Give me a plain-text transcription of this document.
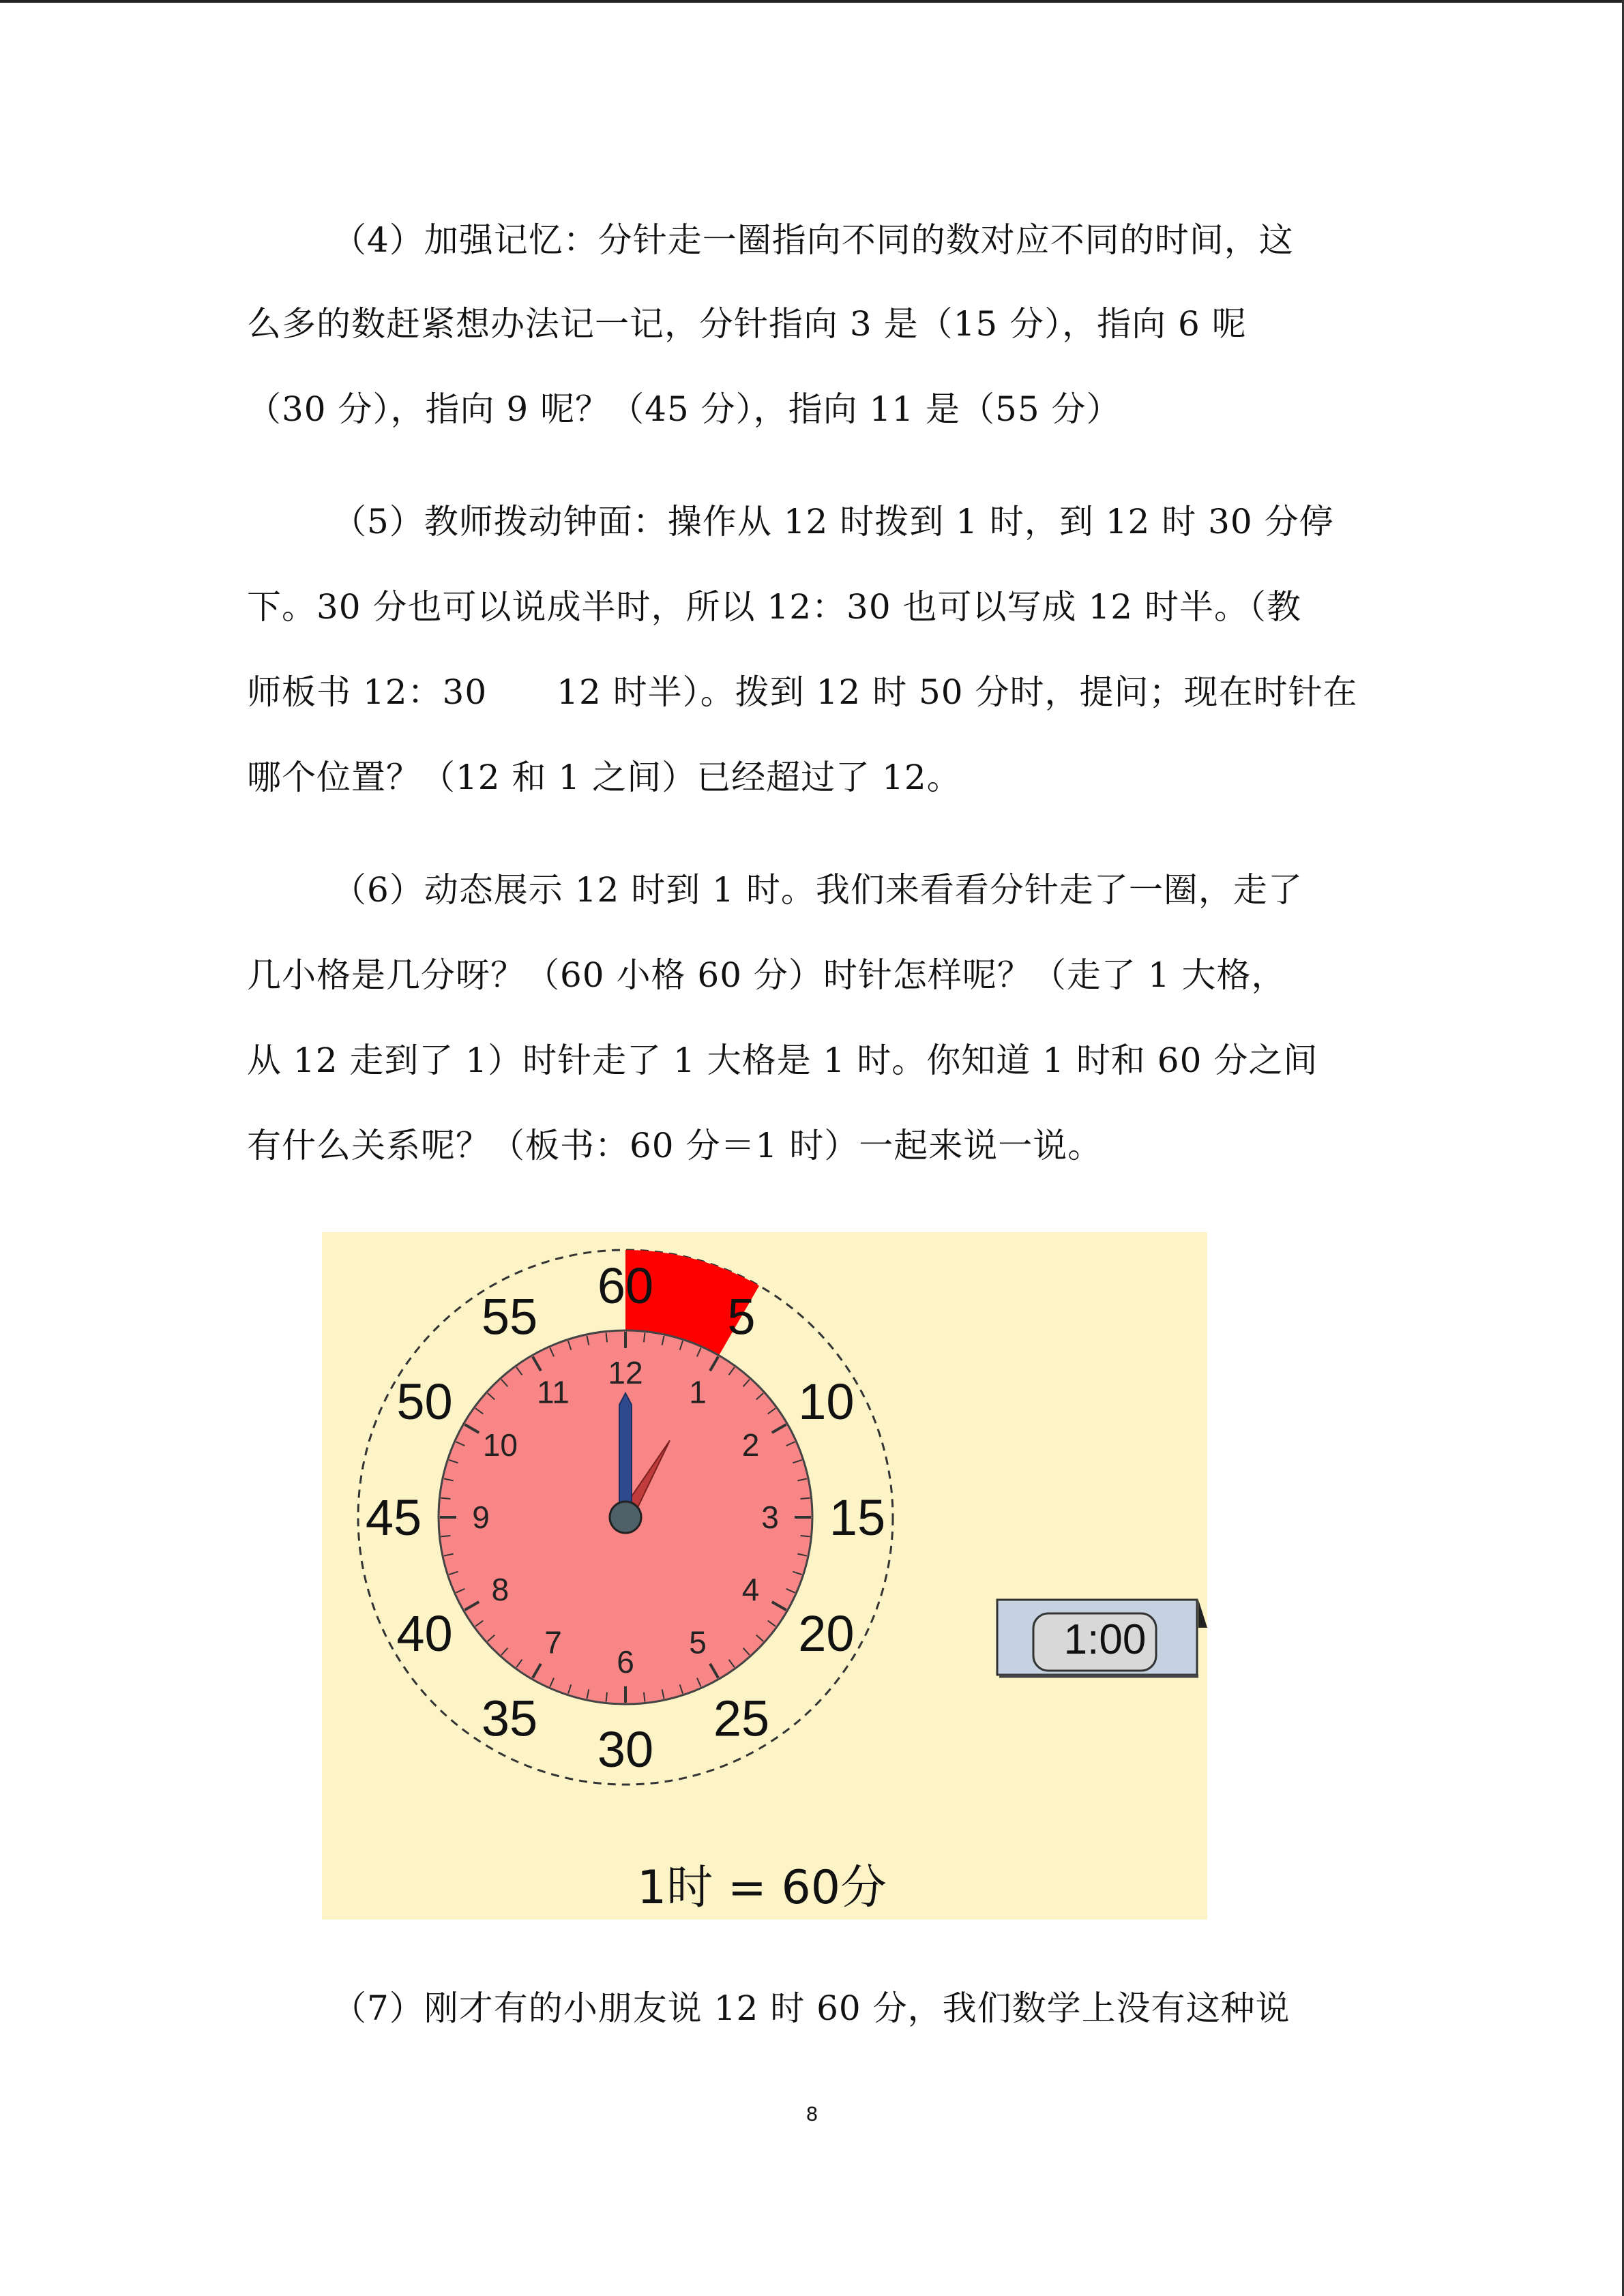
（4）加强记忆：分针走一圈指向不同的数对应不同的时间，这

么多的数赶紧想办法记一记，分针指向 3 是（15 分），指向 6 呢

（30 分），指向 9 呢？（45 分），指向 11 是（55 分）

（5）教师拨动钟面：操作从 12 时拨到 1 时，到 12 时 30 分停

下。30 分也可以说成半时，所以 12：30 也可以写成 12 时半。（教

师板书 12：30　　12 时半）。拨到 12 时 50 分时，提问；现在时针在

哪个位置？（12 和 1 之间）已经超过了 12。

（6）动态展示 12 时到 1 时。我们来看看分针走了一圈，走了

几小格是几分呀？（60 小格 60 分）时针怎样呢？（走了 1 大格，

从 12 走到了 1）时针走了 1 大格是 1 时。你知道 1 时和 60 分之间

有什么关系呢？（板书：60 分＝1 时）一起来说一说。

（7）刚才有的小朋友说 12 时 60 分，我们数学上没有这种说

12
1
2
3
4
5
6
7
8
9
10
11
60
5
10
15
20
25
30
35
40
45
50
55
1:00
1时 = 60分
8
